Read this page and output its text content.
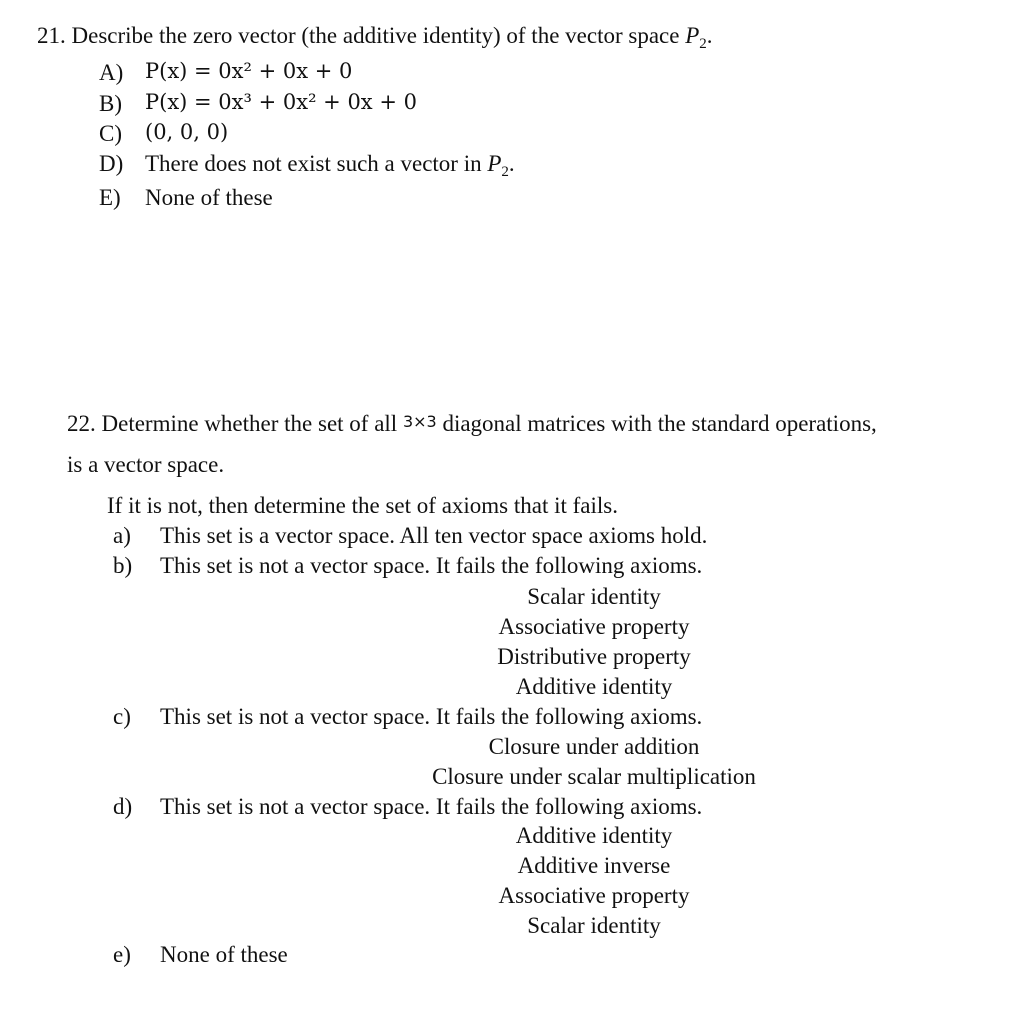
21. Describe the zero vector (the additive identity) of the vector space $P_2$.
A) P(x) = 0x² + 0x + 0
B) P(x) = 0x³ + 0x² + 0x + 0
C) (0, 0, 0)
D) There does not exist such a vector in $P_2$.
E) None of these
22. Determine whether the set of all 3×3 diagonal matrices with the standard operations,
is a vector space.
If it is not, then determine the set of axioms that it fails.
a) This set is a vector space. All ten vector space axioms hold.
b) This set is not a vector space. It fails the following axioms.
Scalar identity
Associative property
Distributive property
Additive identity
c) This set is not a vector space. It fails the following axioms.
Closure under addition
Closure under scalar multiplication
d) This set is not a vector space. It fails the following axioms.
Additive identity
Additive inverse
Associative property
Scalar identity
e) None of these
